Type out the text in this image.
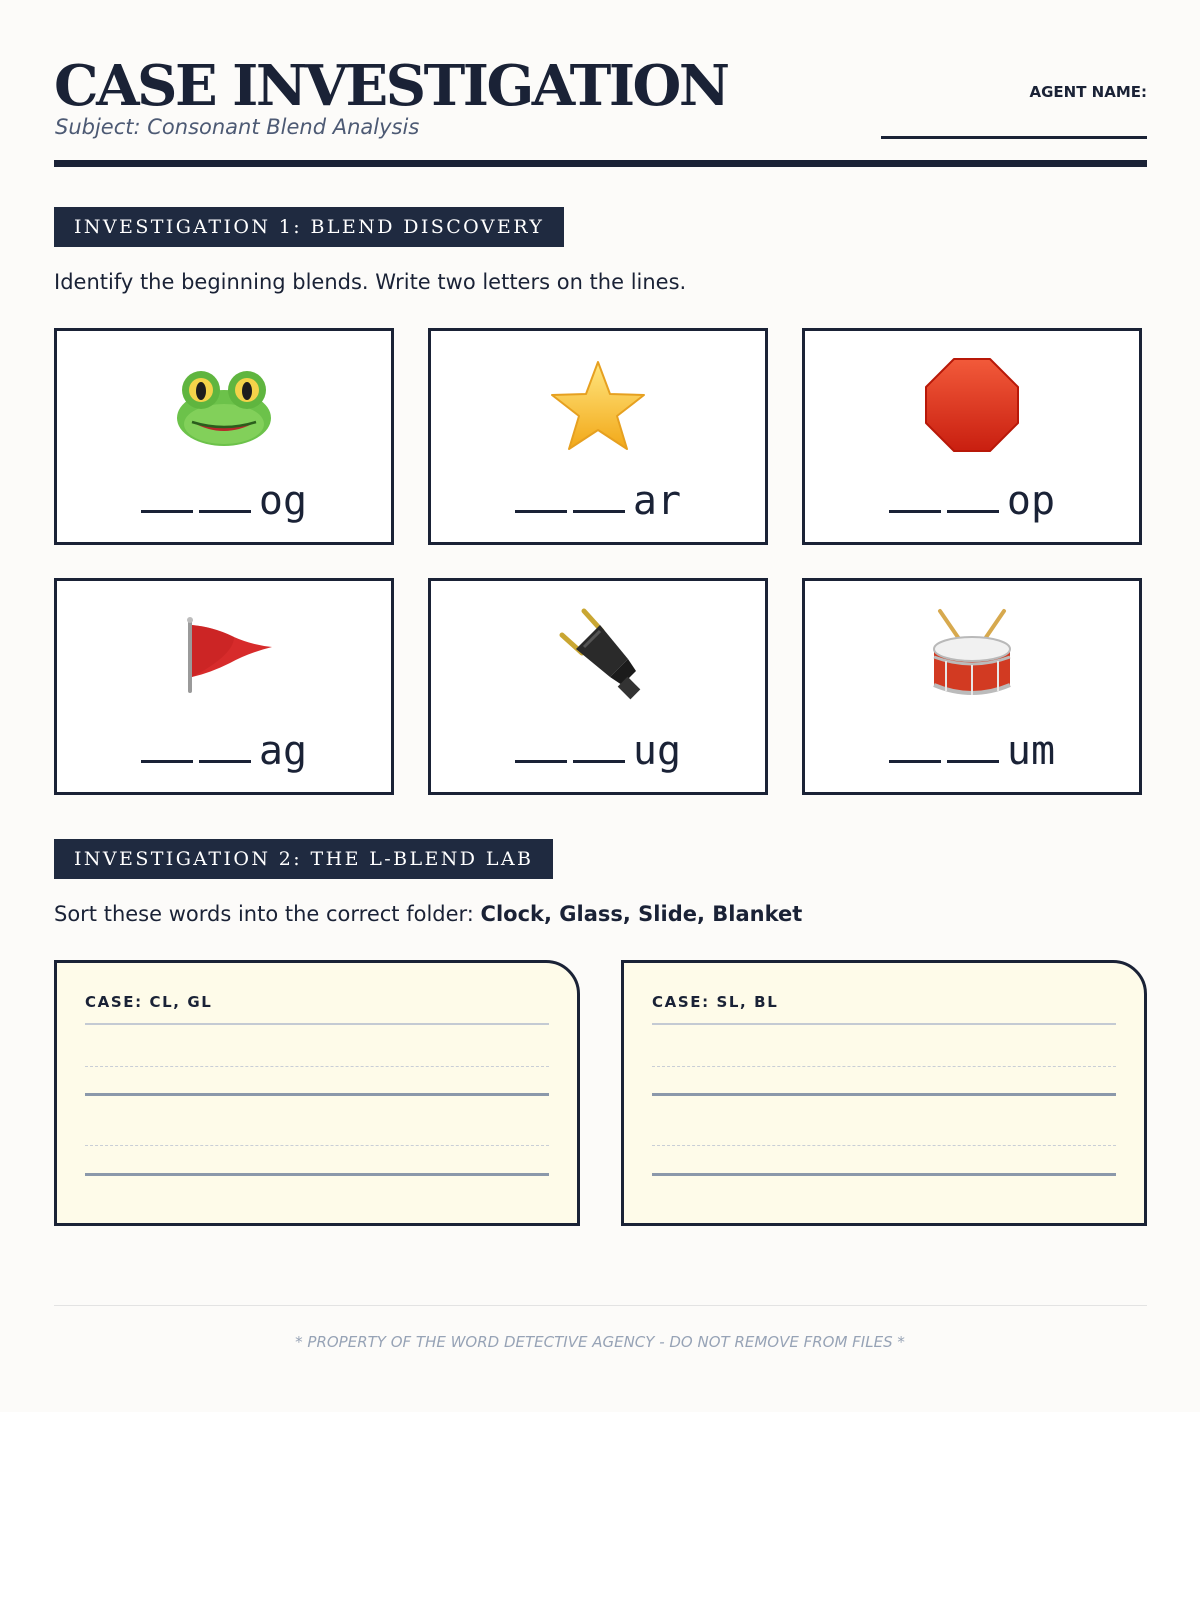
CASE INVESTIGATION
Subject: Consonant Blend Analysis
AGENT NAME:
INVESTIGATION 1: BLEND DISCOVERY
Identify the beginning blends. Write two letters on the lines.
og	ar	op
ag	ug	um
INVESTIGATION 2: THE L-BLEND LAB
Sort these words into the correct folder: Clock, Glass, Slide, Blanket
CASE: CL, GL	CASE: SL, BL
* PROPERTY OF THE WORD DETECTIVE AGENCY - DO NOT REMOVE FROM FILES *
